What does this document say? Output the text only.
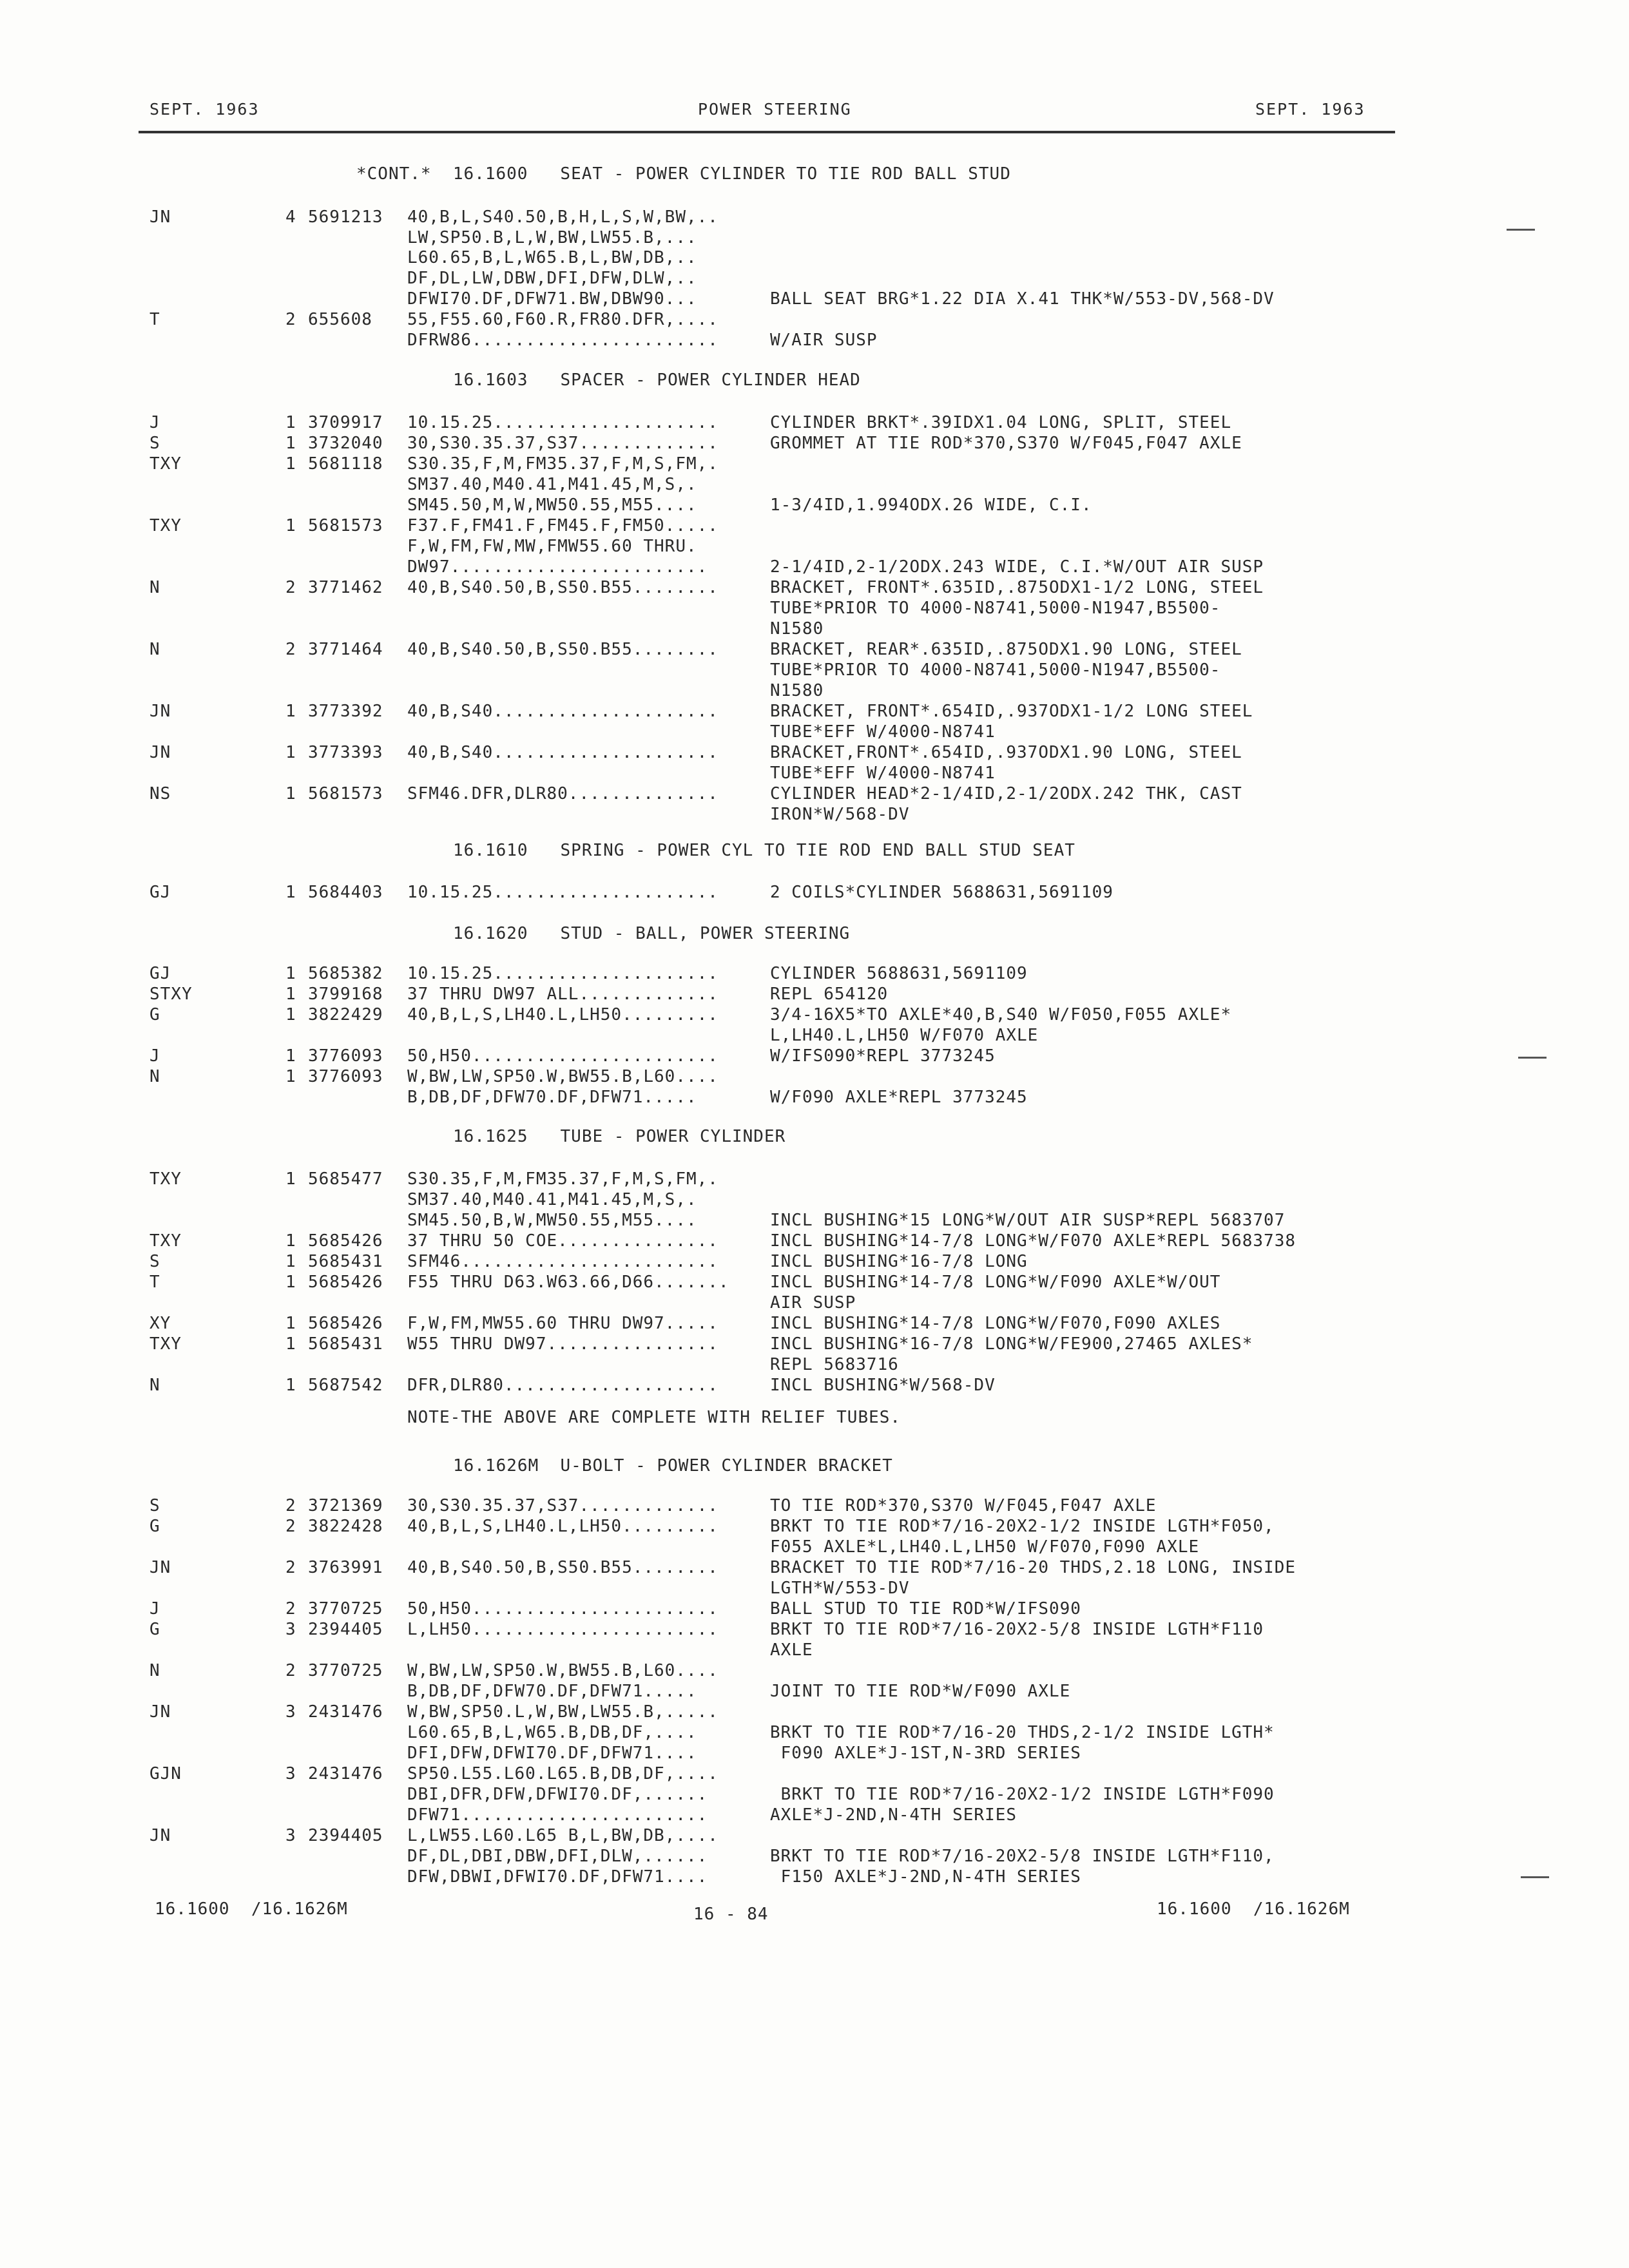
SEPT. 1963	POWER STEERING	SEPT. 1963
*CONT.*  16.1600   SEAT - POWER CYLINDER TO TIE ROD BALL STUD
JN	4 5691213 40,B,L,S40.50,B,H,L,S,W,BW,..
LW,SP50.B,L,W,BW,LW55.B,...
L60.65,B,L,W65.B,L,BW,DB,..
DF,DL,LW,DBW,DFI,DFW,DLW,..
DFWI70.DF,DFW71.BW,DBW90...	BALL SEAT BRG*1.22 DIA X.41 THK*W/553-DV,568-DV
T	2 655608 55,F55.60,F60.R,FR80.DFR,....
DFRW86.......................	W/AIR SUSP
16.1603   SPACER - POWER CYLINDER HEAD
J	1 3709917 10.15.25.....................	CYLINDER BRKT*.39IDX1.04 LONG, SPLIT, STEEL
S	1 3732040 30,S30.35.37,S37.............	GROMMET AT TIE ROD*370,S370 W/F045,F047 AXLE
TXY	1 5681118 S30.35,F,M,FM35.37,F,M,S,FM,.
SM37.40,M40.41,M41.45,M,S,.
SM45.50,M,W,MW50.55,M55....	1-3/4ID,1.994ODX.26 WIDE, C.I.
TXY	1 5681573 F37.F,FM41.F,FM45.F,FM50.....
F,W,FM,FW,MW,FMW55.60 THRU.
DW97........................	2-1/4ID,2-1/2ODX.243 WIDE, C.I.*W/OUT AIR SUSP
N	2 3771462 40,B,S40.50,B,S50.B55........	BRACKET, FRONT*.635ID,.875ODX1-1/2 LONG, STEEL
TUBE*PRIOR TO 4000-N8741,5000-N1947,B5500-
N1580
N	2 3771464 40,B,S40.50,B,S50.B55........	BRACKET, REAR*.635ID,.875ODX1.90 LONG, STEEL
TUBE*PRIOR TO 4000-N8741,5000-N1947,B5500-
N1580
JN	1 3773392 40,B,S40.....................	BRACKET, FRONT*.654ID,.937ODX1-1/2 LONG STEEL
TUBE*EFF W/4000-N8741
JN	1 3773393 40,B,S40.....................	BRACKET,FRONT*.654ID,.937ODX1.90 LONG, STEEL
TUBE*EFF W/4000-N8741
NS	1 5681573 SFM46.DFR,DLR80..............	CYLINDER HEAD*2-1/4ID,2-1/2ODX.242 THK, CAST
IRON*W/568-DV
16.1610   SPRING - POWER CYL TO TIE ROD END BALL STUD SEAT
GJ	1 5684403 10.15.25.....................	2 COILS*CYLINDER 5688631,5691109
16.1620   STUD - BALL, POWER STEERING
GJ	1 5685382 10.15.25.....................	CYLINDER 5688631,5691109
STXY	1 3799168 37 THRU DW97 ALL.............	REPL 654120
G	1 3822429 40,B,L,S,LH40.L,LH50.........	3/4-16X5*TO AXLE*40,B,S40 W/F050,F055 AXLE*
L,LH40.L,LH50 W/F070 AXLE
J	1 3776093 50,H50.......................	W/IFS090*REPL 3773245
N	1 3776093 W,BW,LW,SP50.W,BW55.B,L60....
B,DB,DF,DFW70.DF,DFW71.....	W/F090 AXLE*REPL 3773245
16.1625   TUBE - POWER CYLINDER
TXY	1 5685477 S30.35,F,M,FM35.37,F,M,S,FM,.
SM37.40,M40.41,M41.45,M,S,.
SM45.50,B,W,MW50.55,M55....	INCL BUSHING*15 LONG*W/OUT AIR SUSP*REPL 5683707
TXY	1 5685426 37 THRU 50 COE...............	INCL BUSHING*14-7/8 LONG*W/F070 AXLE*REPL 5683738
S	1 5685431 SFM46........................	INCL BUSHING*16-7/8 LONG
T	1 5685426 F55 THRU D63.W63.66,D66....... INCL BUSHING*14-7/8 LONG*W/F090 AXLE*W/OUT
AIR SUSP
XY	1 5685426 F,W,FM,MW55.60 THRU DW97.....	INCL BUSHING*14-7/8 LONG*W/F070,F090 AXLES
TXY	1 5685431 W55 THRU DW97................	INCL BUSHING*16-7/8 LONG*W/FE900,27465 AXLES*
REPL 5683716
N	1 5687542 DFR,DLR80....................	INCL BUSHING*W/568-DV
16.1626M  U-BOLT - POWER CYLINDER BRACKET
S	2 3721369 30,S30.35.37,S37.............	TO TIE ROD*370,S370 W/F045,F047 AXLE
G	2 3822428 40,B,L,S,LH40.L,LH50.........	BRKT TO TIE ROD*7/16-20X2-1/2 INSIDE LGTH*F050,
F055 AXLE*L,LH40.L,LH50 W/F070,F090 AXLE
JN	2 3763991 40,B,S40.50,B,S50.B55........	BRACKET TO TIE ROD*7/16-20 THDS,2.18 LONG, INSIDE
LGTH*W/553-DV
J	2 3770725 50,H50.......................	BALL STUD TO TIE ROD*W/IFS090
G	3 2394405 L,LH50.......................	BRKT TO TIE ROD*7/16-20X2-5/8 INSIDE LGTH*F110
AXLE
N	2 3770725 W,BW,LW,SP50.W,BW55.B,L60....
B,DB,DF,DFW70.DF,DFW71.....	JOINT TO TIE ROD*W/F090 AXLE
JN	3 2431476 W,BW,SP50.L,W,BW,LW55.B,.....
L60.65,B,L,W65.B,DB,DF,....	BRKT TO TIE ROD*7/16-20 THDS,2-1/2 INSIDE LGTH*
DFI,DFW,DFWI70.DF,DFW71....	F090 AXLE*J-1ST,N-3RD SERIES
GJN	3 2431476 SP50.L55.L60.L65.B,DB,DF,....
DBI,DFR,DFW,DFWI70.DF,......	BRKT TO TIE ROD*7/16-20X2-1/2 INSIDE LGTH*F090
DFW71.......................	AXLE*J-2ND,N-4TH SERIES
JN	3 2394405 L,LW55.L60.L65 B,L,BW,DB,....
DF,DL,DBI,DBW,DFI,DLW,......	BRKT TO TIE ROD*7/16-20X2-5/8 INSIDE LGTH*F110,
DFW,DBWI,DFWI70.DF,DFW71....	F150 AXLE*J-2ND,N-4TH SERIES
NOTE-THE ABOVE ARE COMPLETE WITH RELIEF TUBES.
16.1600  /16.1626M	16 - 84	16.1600  /16.1626M
